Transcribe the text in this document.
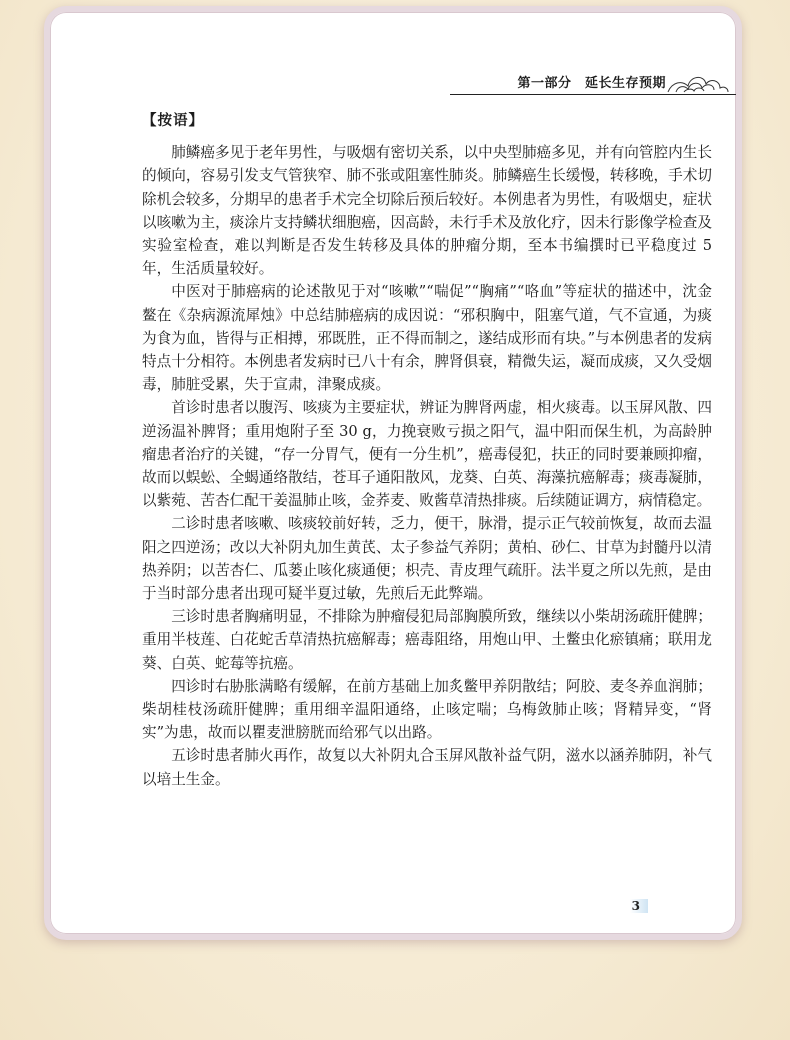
第一部分　延长生存预期

【按语】

肺鳞癌多见于老年男性，与吸烟有密切关系，以中央型肺癌多见，并有向管腔内生长的倾向，容易引发支气管狭窄、肺不张或阻塞性肺炎。肺鳞癌生长缓慢，转移晚，手术切除机会较多，分期早的患者手术完全切除后预后较好。本例患者为男性，有吸烟史，症状以咳嗽为主，痰涂片支持鳞状细胞癌，因高龄，未行手术及放化疗，因未行影像学检查及实验室检查，难以判断是否发生转移及具体的肿瘤分期，至本书编撰时已平稳度过 5 年，生活质量较好。

中医对于肺癌病的论述散见于对“咳嗽”“喘促”“胸痛”“咯血”等症状的描述中，沈金鳌在《杂病源流犀烛》中总结肺癌病的成因说：“邪积胸中，阻塞气道，气不宣通，为痰为食为血，皆得与正相搏，邪既胜，正不得而制之，遂结成形而有块。”与本例患者的发病特点十分相符。本例患者发病时已八十有余，脾肾俱衰，精微失运，凝而成痰，又久受烟毒，肺脏受累，失于宣肃，津聚成痰。

首诊时患者以腹泻、咳痰为主要症状，辨证为脾肾两虚，相火痰毒。以玉屏风散、四逆汤温补脾肾；重用炮附子至 30 g，力挽衰败亏损之阳气，温中阳而保生机，为高龄肿瘤患者治疗的关键，“存一分胃气，便有一分生机”，癌毒侵犯，扶正的同时要兼顾抑瘤，故而以蜈蚣、全蝎通络散结，苍耳子通阳散风，龙葵、白英、海藻抗癌解毒；痰毒凝肺，以紫菀、苦杏仁配干姜温肺止咳，金荞麦、败酱草清热排痰。后续随证调方，病情稳定。

二诊时患者咳嗽、咳痰较前好转，乏力，便干，脉滑，提示正气较前恢复，故而去温阳之四逆汤；改以大补阴丸加生黄芪、太子参益气养阴；黄柏、砂仁、甘草为封髓丹以清热养阴；以苦杏仁、瓜蒌止咳化痰通便；枳壳、青皮理气疏肝。法半夏之所以先煎，是由于当时部分患者出现可疑半夏过敏，先煎后无此弊端。

三诊时患者胸痛明显，不排除为肿瘤侵犯局部胸膜所致，继续以小柴胡汤疏肝健脾；重用半枝莲、白花蛇舌草清热抗癌解毒；癌毒阻络，用炮山甲、土鳖虫化瘀镇痛；联用龙葵、白英、蛇莓等抗癌。

四诊时右胁胀满略有缓解，在前方基础上加炙鳖甲养阴散结；阿胶、麦冬养血润肺；柴胡桂枝汤疏肝健脾；重用细辛温阳通络，止咳定喘；乌梅敛肺止咳；肾精异变，“肾实”为患，故而以瞿麦泄膀胱而给邪气以出路。

五诊时患者肺火再作，故复以大补阴丸合玉屏风散补益气阴，滋水以涵养肺阴，补气以培土生金。

3
